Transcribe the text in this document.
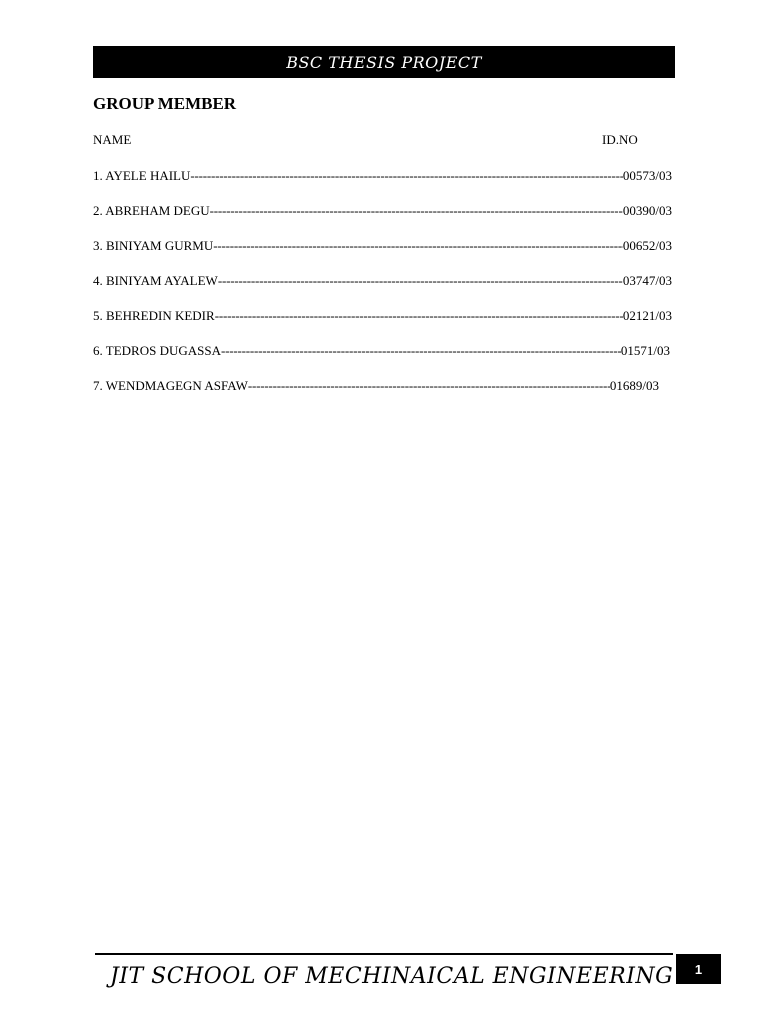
BSC THESIS PROJECT
GROUP MEMBER
NAME	ID.NO
1. AYELE HAILU -----	00573/03
2. ABREHAM DEGU -----	00390/03
3. BINIYAM GURMU -----	00652/03
4. BINIYAM AYALEW -----	03747/03
5. BEHREDIN KEDIR -----	02121/03
6. TEDROS DUGASSA -----	01571/03
7. WENDMAGEGN ASFAW -----	01689/03
JIT SCHOOL OF MECHINAICAL ENGINEERING	1
